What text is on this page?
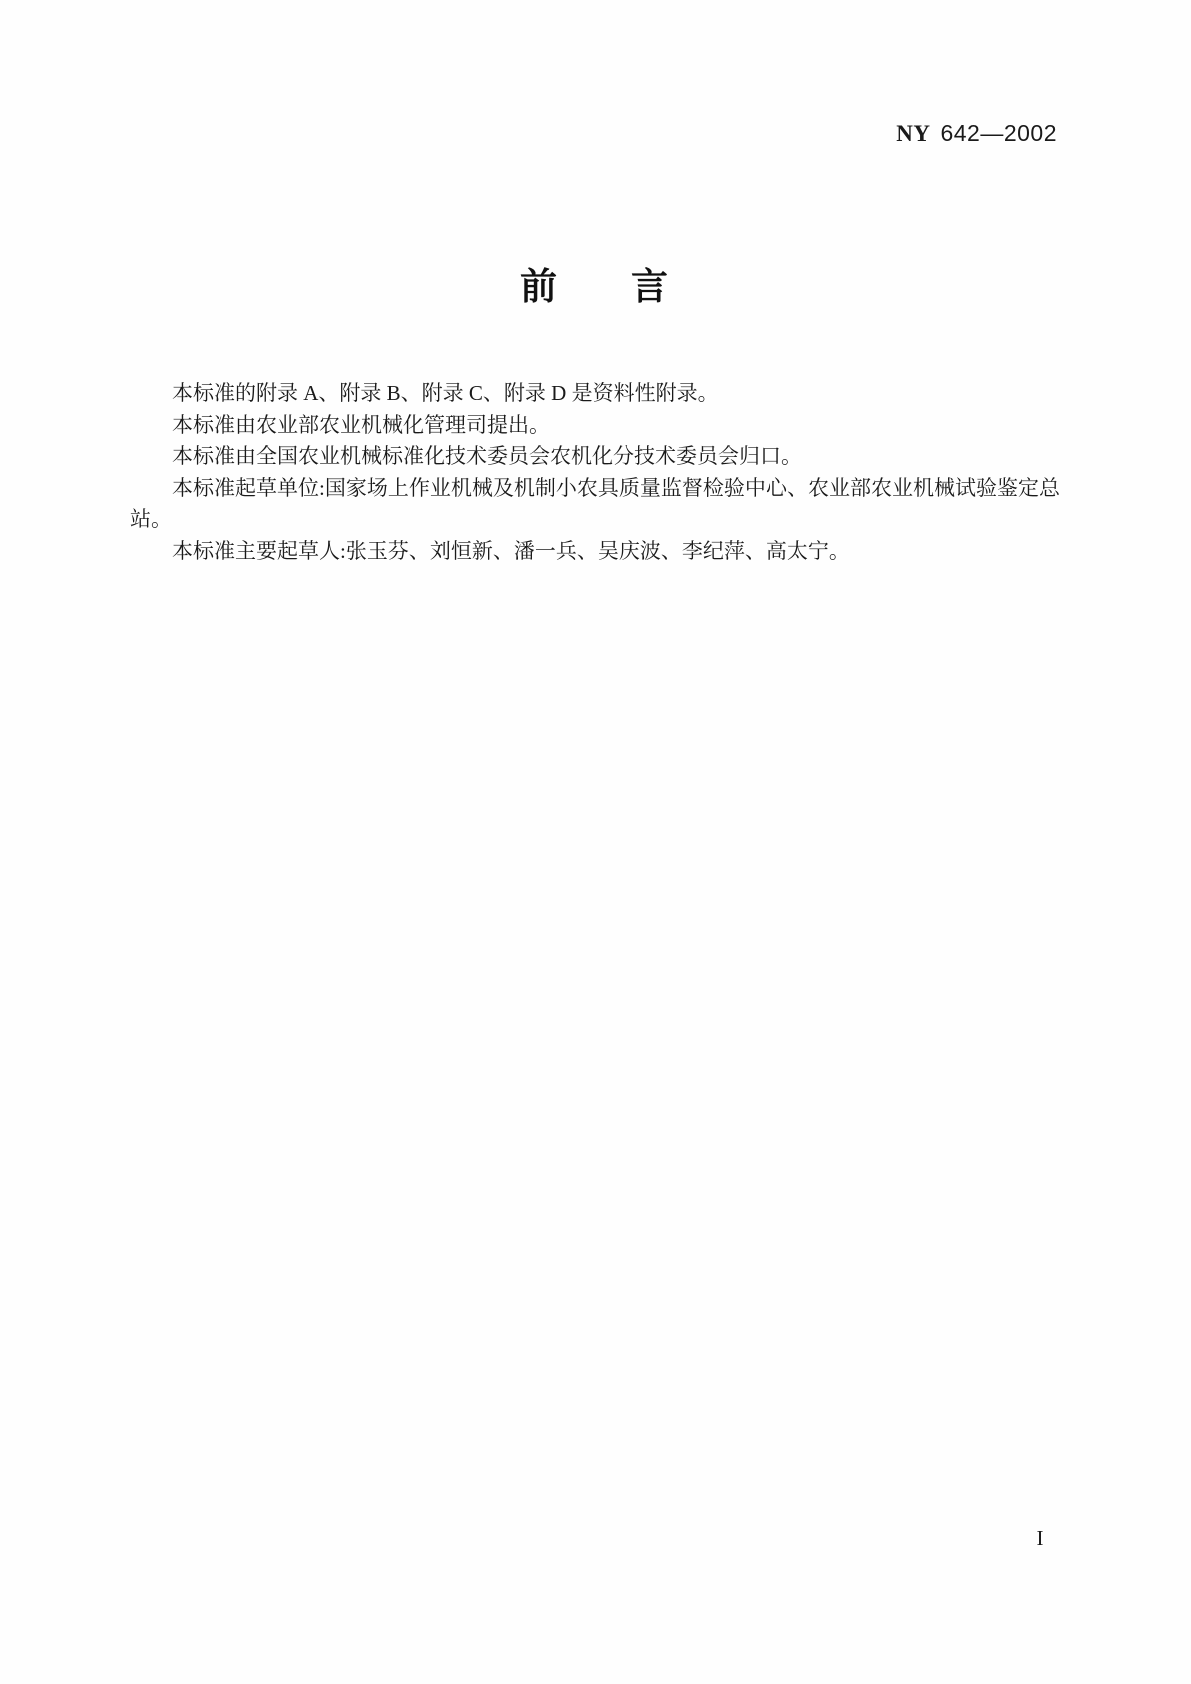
NY 642—2002
前　　言

本标准的附录 A、附录 B、附录 C、附录 D 是资料性附录。

本标准由农业部农业机械化管理司提出。

本标准由全国农业机械标准化技术委员会农机化分技术委员会归口。

本标准起草单位:国家场上作业机械及机制小农具质量监督检验中心、农业部农业机械试验鉴定总站。

本标准主要起草人:张玉芬、刘恒新、潘一兵、吴庆波、李纪萍、高太宁。

I
